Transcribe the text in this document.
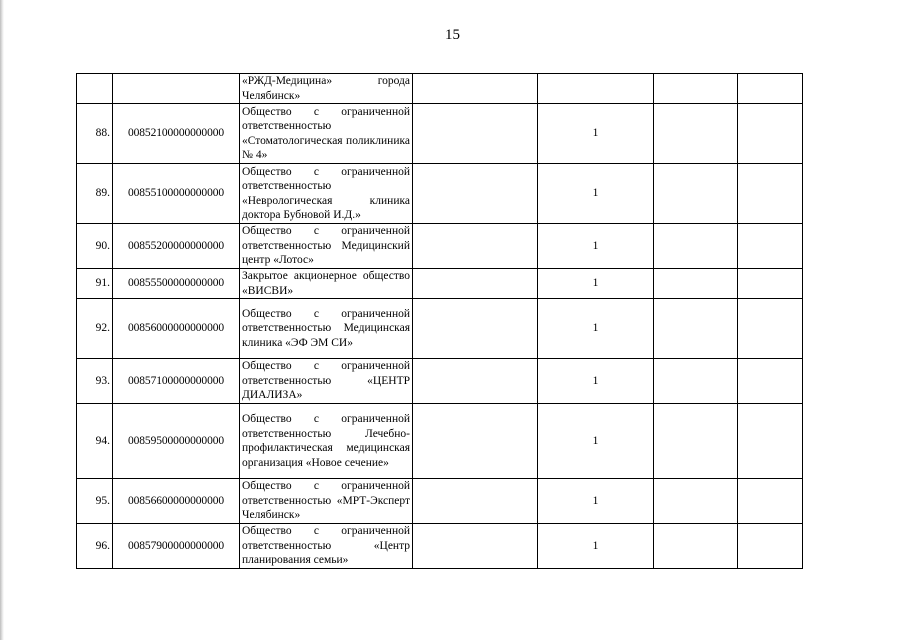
15
		«РЖД-Медицина» города Челябинск»				
88.	00852100000000000	Общество с ограниченной ответственностью «Стоматологическая поликлиника № 4»		1		
89.	00855100000000000	Общество с ограниченной ответственностью «Неврологическая клиника доктора Бубновой И.Д.»		1		
90.	00855200000000000	Общество с ограниченной ответственностью Медицинский центр «Лотос»		1		
91.	00855500000000000	Закрытое акционерное общество «ВИСВИ»		1		
92.	00856000000000000	Общество с ограниченной ответственностью Медицинская клиника «ЭФ ЭМ СИ»		1		
93.	00857100000000000	Общество с ограниченной ответственностью «ЦЕНТР ДИАЛИЗА»		1		
94.	00859500000000000	Общество с ограниченной ответственностью Лечебно-профилактическая медицинская организация «Новое сечение»		1		
95.	00856600000000000	Общество с ограниченной ответственностью «МРТ-Эксперт Челябинск»		1		
96.	00857900000000000	Общество с ограниченной ответственностью «Центр планирования семьи»		1		
